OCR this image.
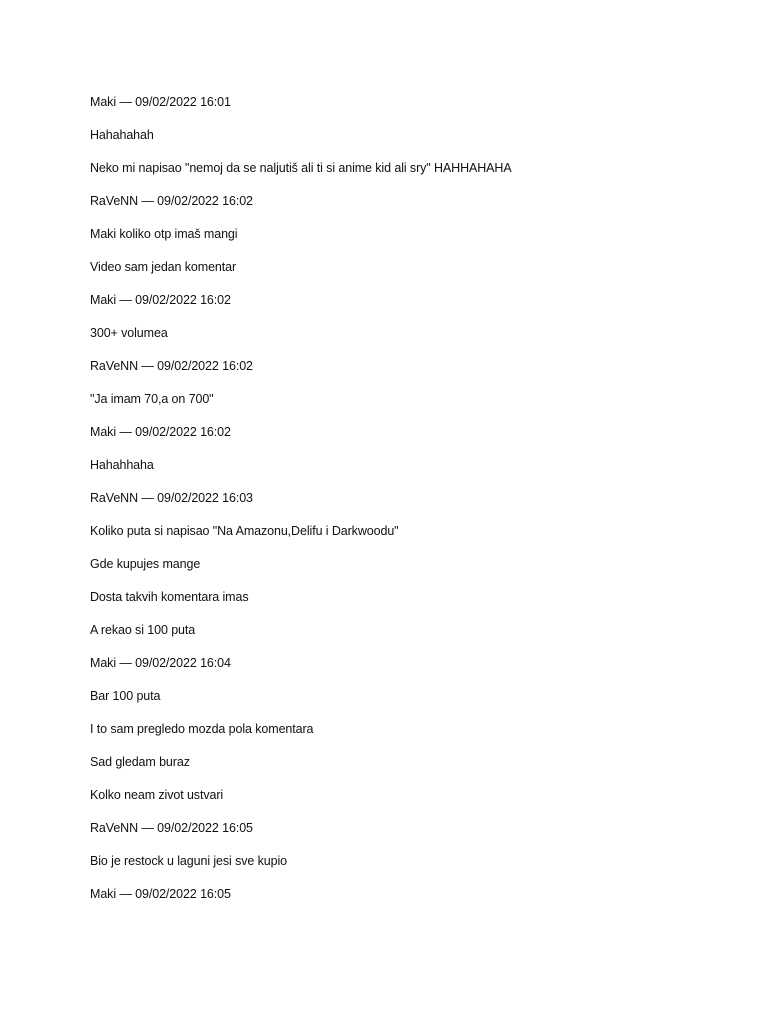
Maki — 09/02/2022 16:01
Hahahahah
Neko mi napisao "nemoj da se naljutiš ali ti si anime kid ali sry" HAHHAHAHA
RaVeNN — 09/02/2022 16:02
Maki koliko otp imaš mangi
Video sam jedan komentar
Maki — 09/02/2022 16:02
300+ volumea
RaVeNN — 09/02/2022 16:02
"Ja imam 70,a on 700"
Maki — 09/02/2022 16:02
Hahahhaha
RaVeNN — 09/02/2022 16:03
Koliko puta si napisao "Na Amazonu,Delifu i Darkwoodu"
Gde kupujes mange
Dosta takvih komentara imas
A rekao si 100 puta
Maki — 09/02/2022 16:04
Bar 100 puta
I to sam pregledo mozda pola komentara
Sad gledam buraz
Kolko neam zivot ustvari
RaVeNN — 09/02/2022 16:05
Bio je restock u laguni jesi sve kupio
Maki — 09/02/2022 16:05
